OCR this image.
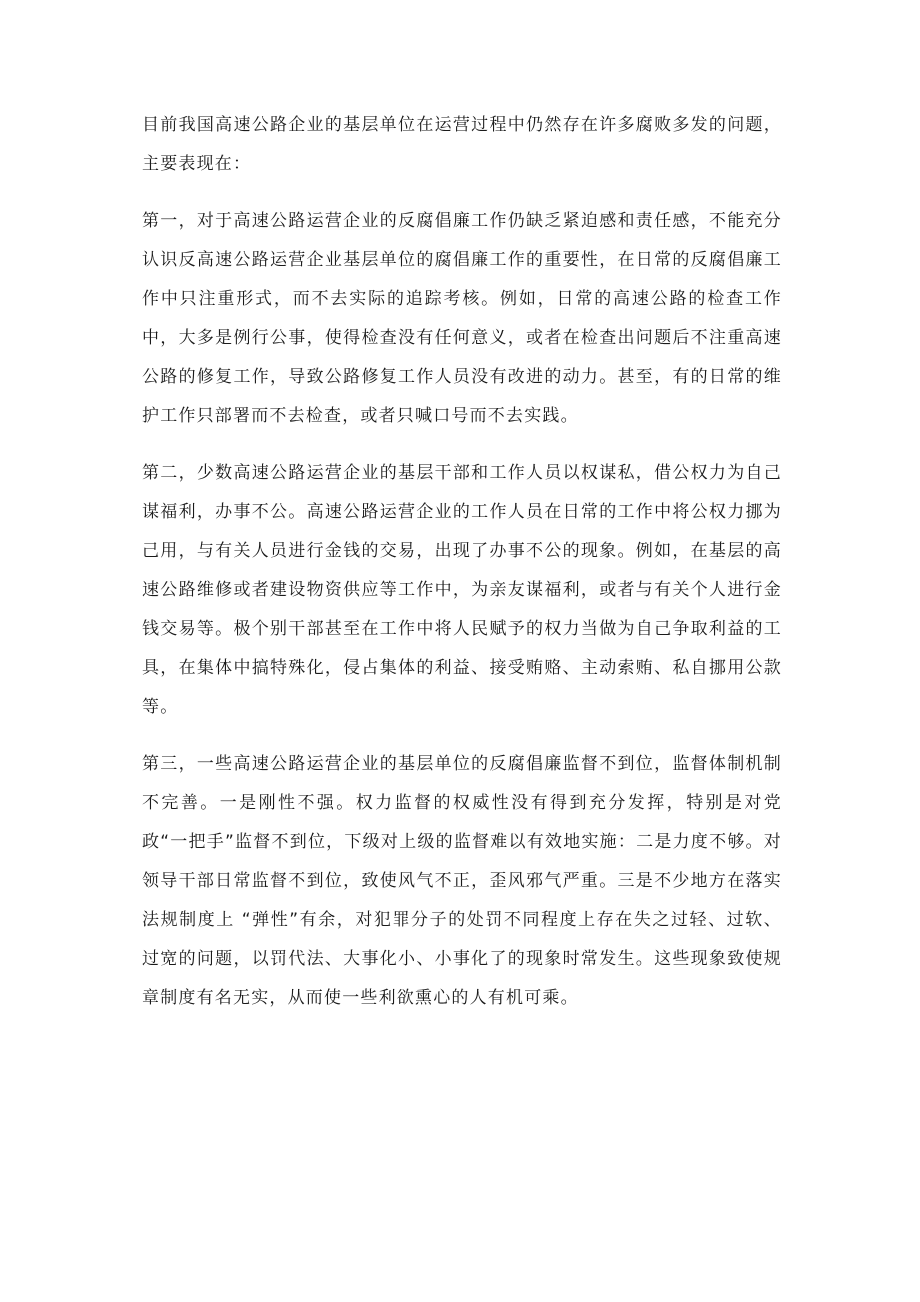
目前我国高速公路企业的基层单位在运营过程中仍然存在许多腐败多发的问题，主要表现在：

第一，对于高速公路运营企业的反腐倡廉工作仍缺乏紧迫感和责任感，不能充分认识反高速公路运营企业基层单位的腐倡廉工作的重要性，在日常的反腐倡廉工作中只注重形式，而不去实际的追踪考核。例如，日常的高速公路的检查工作中，大多是例行公事，使得检查没有任何意义，或者在检查出问题后不注重高速公路的修复工作，导致公路修复工作人员没有改进的动力。甚至，有的日常的维护工作只部署而不去检查，或者只喊口号而不去实践。

第二，少数高速公路运营企业的基层干部和工作人员以权谋私，借公权力为自己谋福利，办事不公。高速公路运营企业的工作人员在日常的工作中将公权力挪为己用，与有关人员进行金钱的交易，出现了办事不公的现象。例如，在基层的高速公路维修或者建设物资供应等工作中，为亲友谋福利，或者与有关个人进行金钱交易等。极个别干部甚至在工作中将人民赋予的权力当做为自己争取利益的工具，在集体中搞特殊化，侵占集体的利益、接受贿赂、主动索贿、私自挪用公款等。

第三，一些高速公路运营企业的基层单位的反腐倡廉监督不到位，监督体制机制不完善。一是刚性不强。权力监督的权威性没有得到充分发挥，特别是对党政“一把手”监督不到位，下级对上级的监督难以有效地实施：二是力度不够。对领导干部日常监督不到位，致使风气不正，歪风邪气严重。三是不少地方在落实法规制度上 “弹性”有余，对犯罪分子的处罚不同程度上存在失之过轻、过软、过宽的问题，以罚代法、大事化小、小事化了的现象时常发生。这些现象致使规章制度有名无实，从而使一些利欲熏心的人有机可乘。
